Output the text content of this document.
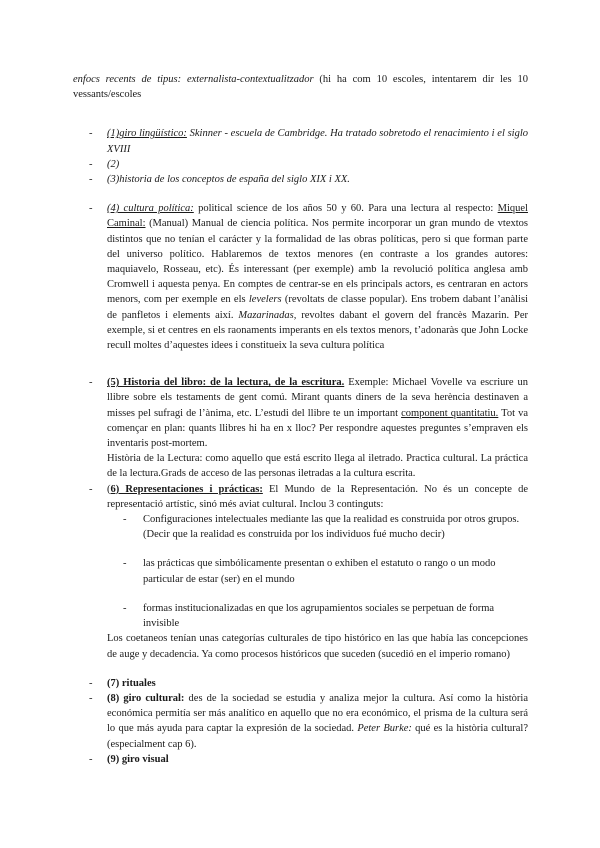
enfocs recents de tipus: externalista-contextualitzador (hi ha com 10 escoles, intentarem dir les 10 vessants/escoles

- (1)giro lingüístico: Skinner - escuela de Cambridge. Ha tratado sobretodo el renacimiento i el siglo XVIII
- (2)
- (3)historia de los conceptos de españa del siglo XIX i XX.
- (4) cultura política: political science de los años 50 y 60. Para una lectura al respecto: Miquel Caminal: (Manual) Manual de ciencia política. Nos permite incorporar un gran mundo de vtextos distintos que no tenían el carácter y la formalidad de las obras políticas, pero si que forman parte del universo político. Hablaremos de textos menores (en contraste a los grandes autores: maquiavelo, Rosseau, etc). És interessant (per exemple) amb la revolució política anglesa amb Cromwell i aquesta penya. En comptes de centrar-se en els principals actors, es centraran en actors menors, com per exemple en els levelers (revoltats de classe popular). Ens trobem dabant l’anàlisi de panfletos i elements així. Mazarinadas, revoltes dabant el govern del francès Mazarin. Per exemple, si et centres en els raonaments imperants en els textos menors, t’adonaràs que John Locke recull moltes d’aquestes idees i constitueix la seva cultura política
- (5) Historia del libro: de la lectura, de la escritura. Exemple: Michael Vovelle va escriure un llibre sobre els testaments de gent comú. Mirant quants diners de la seva herència destinaven a misses pel sufragi de l’ànima, etc. L’estudi del llibre te un important component quantitatiu. Tot va començar en plan: quants llibres hi ha en x lloc? Per respondre aquestes preguntes s’empraven els inventaris post-mortem.

Història de la Lectura: como aquello que está escrito llega al iletrado. Practica cultural. La práctica de la lectura.Grads de acceso de las personas iletradas a la cultura escrita.

- (6) Representaciones i prácticas: El Mundo de la Representación. No és un concepte de representació artístic, sinó més aviat cultural. Inclou 3 continguts:

- Configuraciones intelectuales mediante las que la realidad es construida por otros grupos. (Decir que la realidad es construida por los individuos fué mucho decir)
- las prácticas que simbólicamente presentan o exhiben el estatuto o rango o un modo particular de estar (ser) en el mundo
- formas institucionalizadas en que los agrupamientos sociales se perpetuan de forma invisible

Los coetaneos tenían unas categorías culturales de tipo histórico en las que había las concepciones de auge y decadencia. Ya como procesos históricos que suceden (sucedió en el imperio romano)

- (7) rituales
- (8) giro cultural: des de la sociedad se estudia y analiza mejor la cultura. Así como la història económica permitía ser más analítico en aquello que no era económico, el prisma de la cultura será lo que más ayuda para captar la expresión de la sociedad. Peter Burke: qué es la història cultural? (especialment cap 6).
- (9) giro visual
